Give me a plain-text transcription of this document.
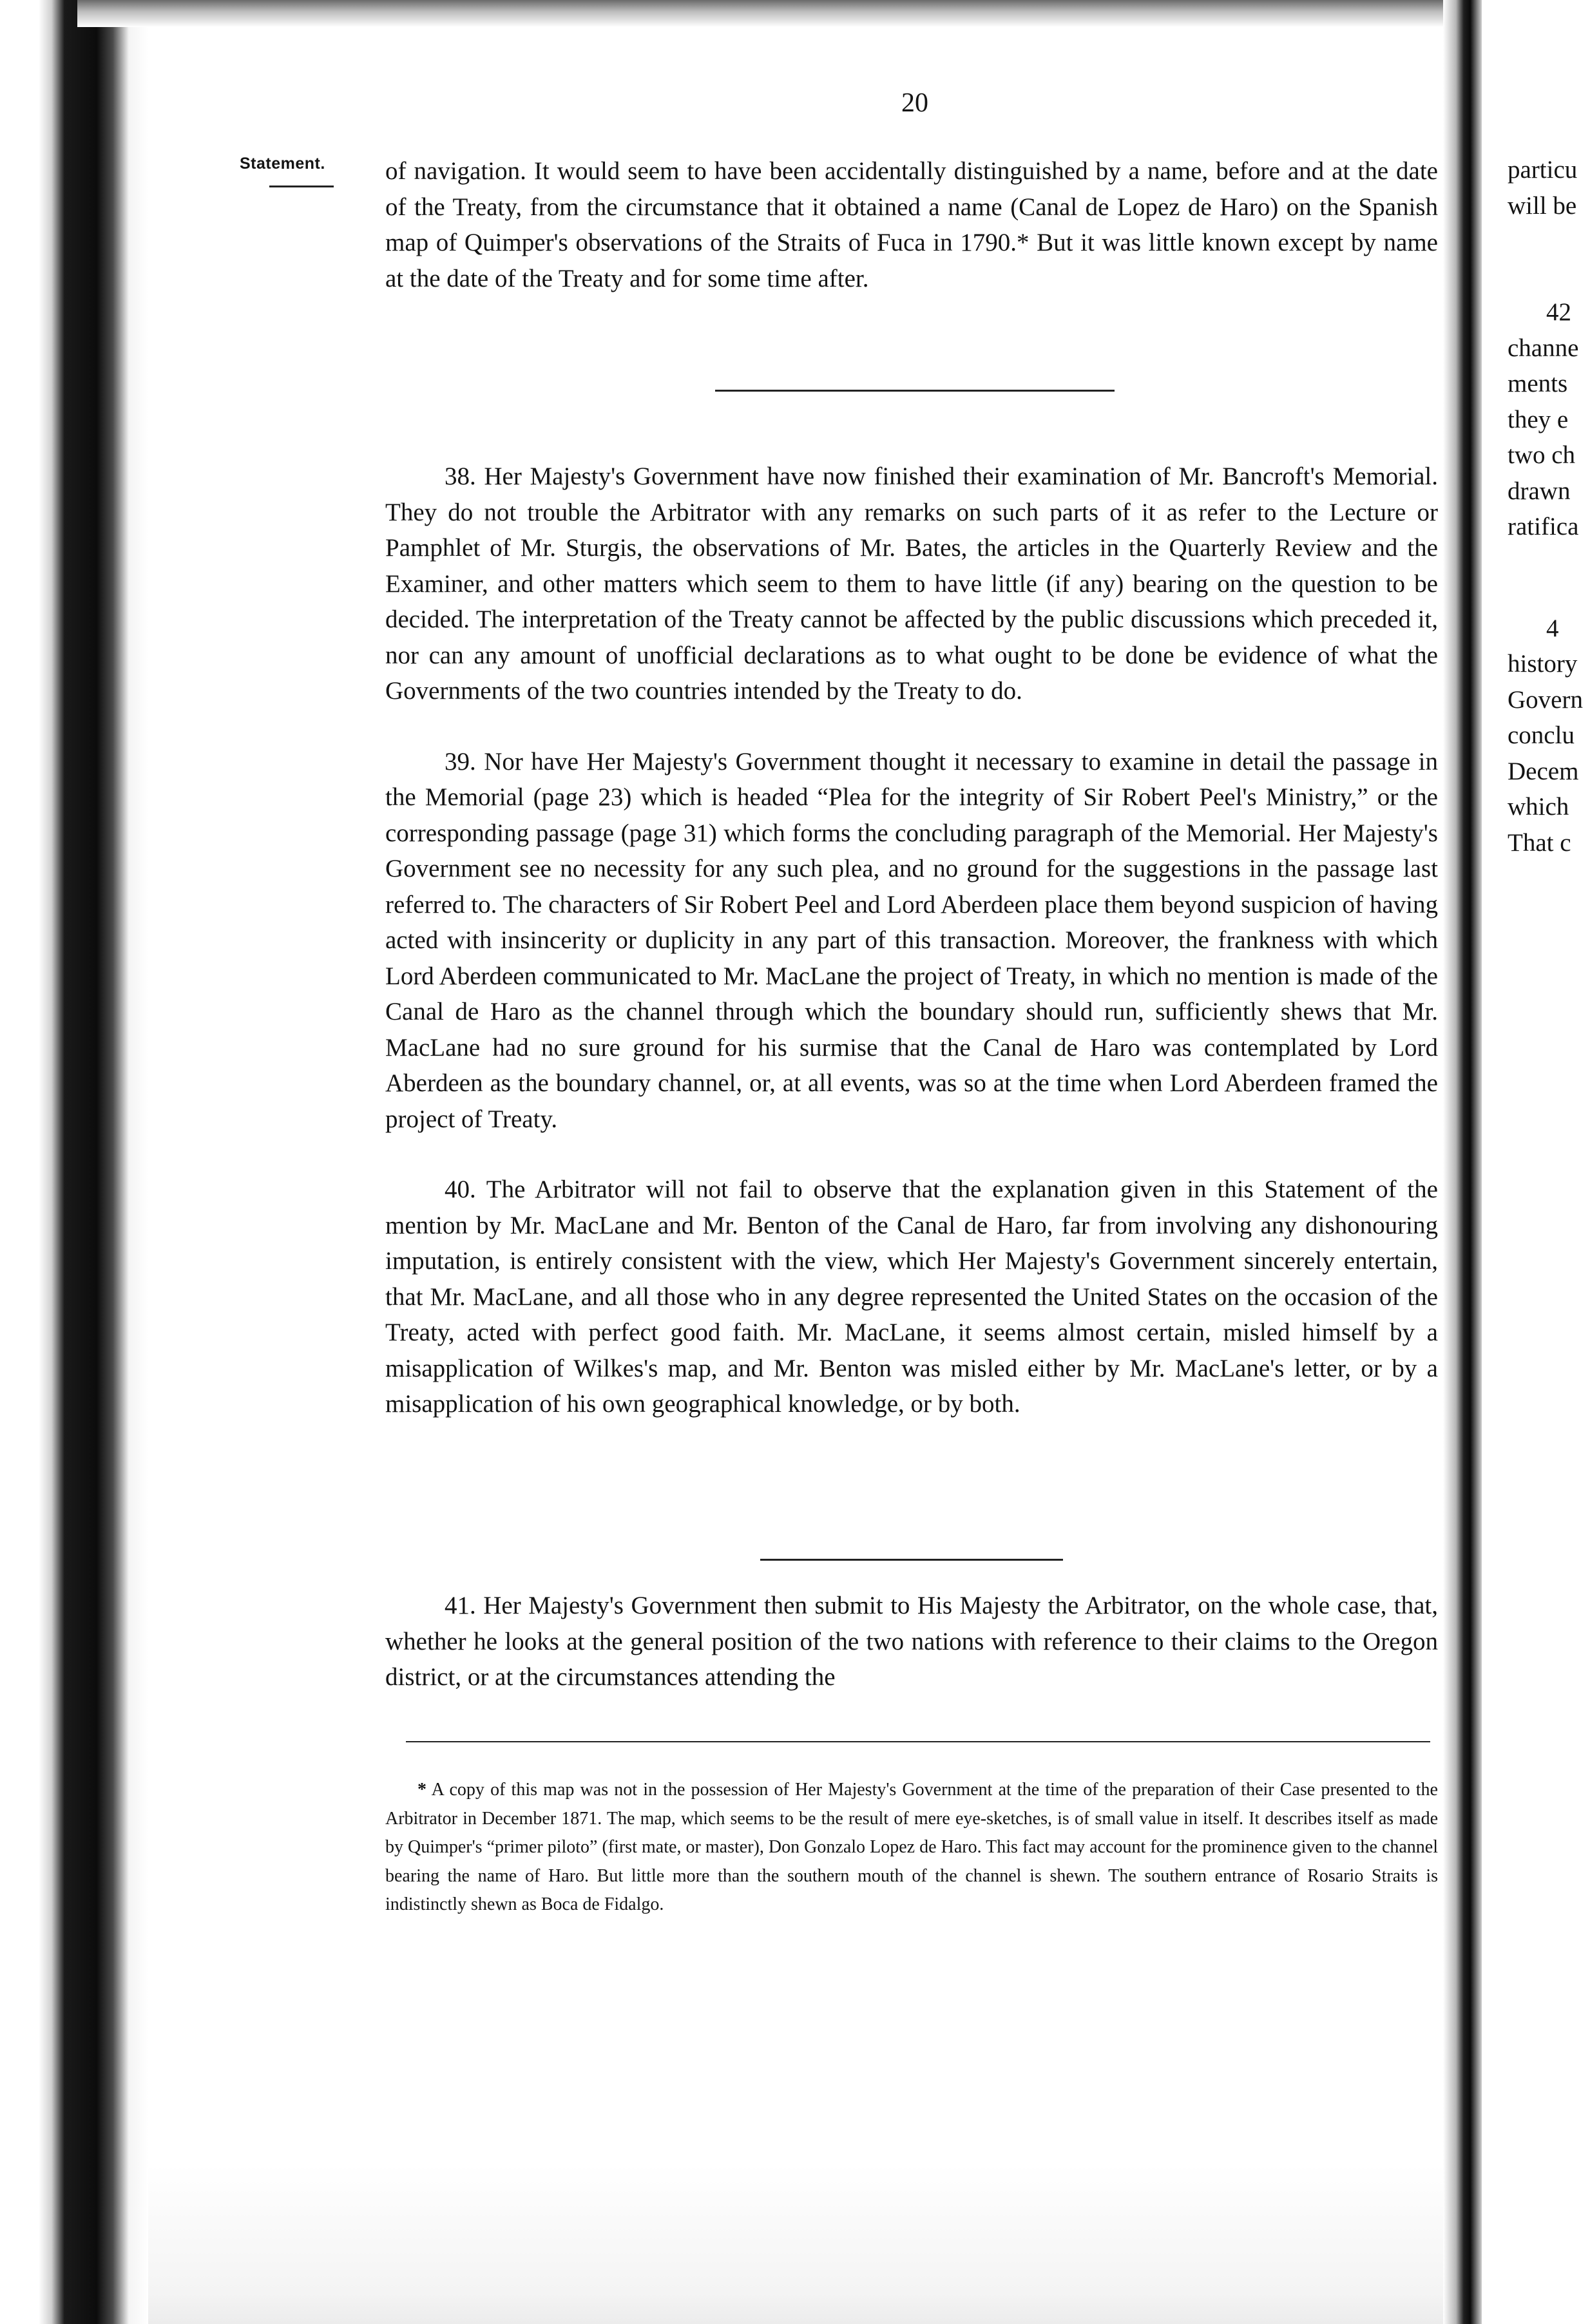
20
Statement.	of navigation. It would seem to have been accidentally distinguished by a name, before and at the date of the Treaty, from the circumstance that it obtained a name (Canal de Lopez de Haro) on the Spanish map of Quimper's observations of the Straits of Fuca in 1790.* But it was little known except by name at the date of the Treaty and for some time after.

38. Her Majesty's Government have now finished their examination of Mr. Bancroft's Memorial. They do not trouble the Arbitrator with any remarks on such parts of it as refer to the Lecture or Pamphlet of Mr. Sturgis, the observations of Mr. Bates, the articles in the Quarterly Review and the Examiner, and other matters which seem to them to have little (if any) bearing on the question to be decided. The interpretation of the Treaty cannot be affected by the public discussions which preceded it, nor can any amount of unofficial declarations as to what ought to be done be evidence of what the Governments of the two countries intended by the Treaty to do.

39. Nor have Her Majesty's Government thought it necessary to examine in detail the passage in the Memorial (page 23) which is headed “Plea for the integrity of Sir Robert Peel's Ministry,” or the corresponding passage (page 31) which forms the concluding paragraph of the Memorial. Her Majesty's Government see no necessity for any such plea, and no ground for the suggestions in the passage last referred to. The characters of Sir Robert Peel and Lord Aberdeen place them beyond suspicion of having acted with insincerity or duplicity in any part of this transaction. Moreover, the frankness with which Lord Aberdeen communicated to Mr. MacLane the project of Treaty, in which no mention is made of the Canal de Haro as the channel through which the boundary should run, sufficiently shews that Mr. MacLane had no sure ground for his surmise that the Canal de Haro was contemplated by Lord Aberdeen as the boundary channel, or, at all events, was so at the time when Lord Aberdeen framed the project of Treaty.

40. The Arbitrator will not fail to observe that the explanation given in this Statement of the mention by Mr. MacLane and Mr. Benton of the Canal de Haro, far from involving any dishonouring imputation, is entirely consistent with the view, which Her Majesty's Government sincerely entertain, that Mr. MacLane, and all those who in any degree represented the United States on the occasion of the Treaty, acted with perfect good faith. Mr. MacLane, it seems almost certain, misled himself by a misapplication of Wilkes's map, and Mr. Benton was misled either by Mr. MacLane's letter, or by a misapplication of his own geographical knowledge, or by both.

41. Her Majesty's Government then submit to His Majesty the Arbitrator, on the whole case, that, whether he looks at the general position of the two nations with reference to their claims to the Oregon district, or at the circumstances attending the

* A copy of this map was not in the possession of Her Majesty's Government at the time of the preparation of their Case presented to the Arbitrator in December 1871. The map, which seems to be the result of mere eye-sketches, is of small value in itself. It describes itself as made by Quimper's “primer piloto” (first mate, or master), Don Gonzalo Lopez de Haro. This fact may account for the prominence given to the channel bearing the name of Haro. But little more than the southern mouth of the channel is shewn. The southern entrance of Rosario Straits is indistinctly shewn as Boca de Fidalgo.

particu
will be
42
channe
ments
they e
two ch
drawn
ratifica
4
history
Govern
conclu
Decem
which
That c
